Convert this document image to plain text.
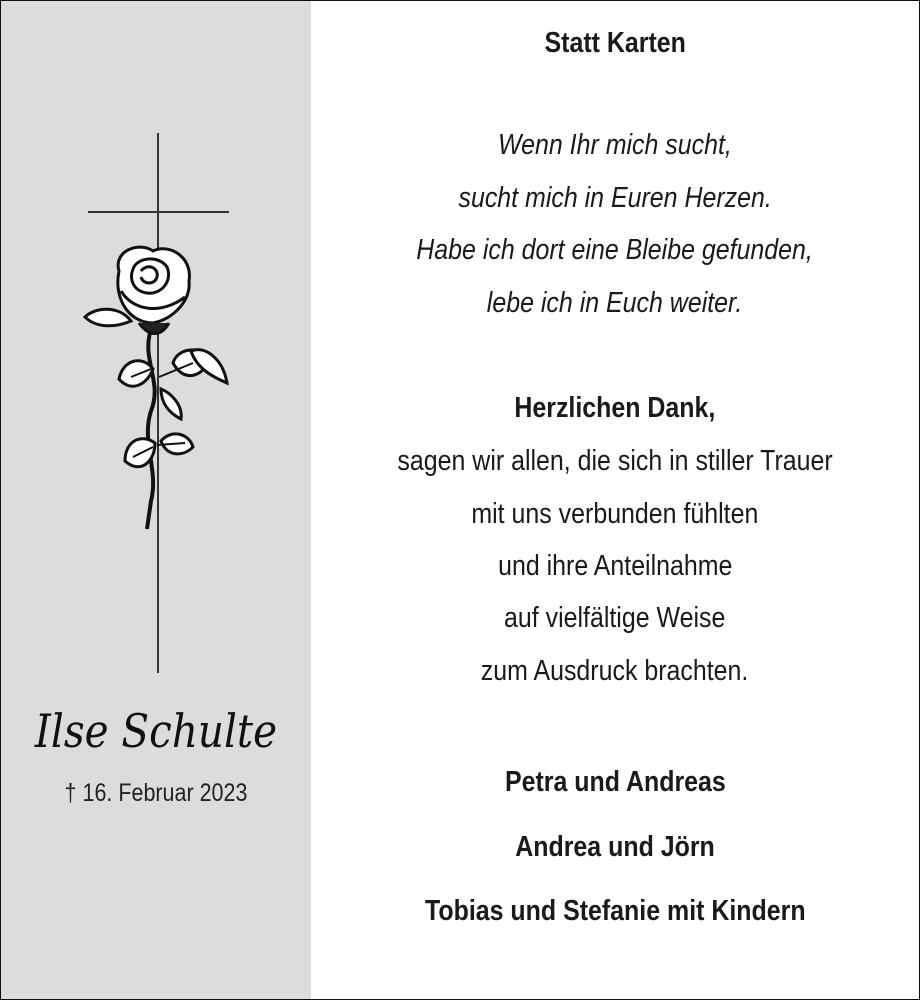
Ilse Schulte
† 16. Februar 2023
Statt Karten
Wenn Ihr mich sucht,
sucht mich in Euren Herzen.
Habe ich dort eine Bleibe gefunden,
lebe ich in Euch weiter.
Herzlichen Dank,
sagen wir allen, die sich in stiller Trauer
mit uns verbunden fühlten
und ihre Anteilnahme
auf vielfältige Weise
zum Ausdruck brachten.
Petra und Andreas
Andrea und Jörn
Tobias und Stefanie mit Kindern
